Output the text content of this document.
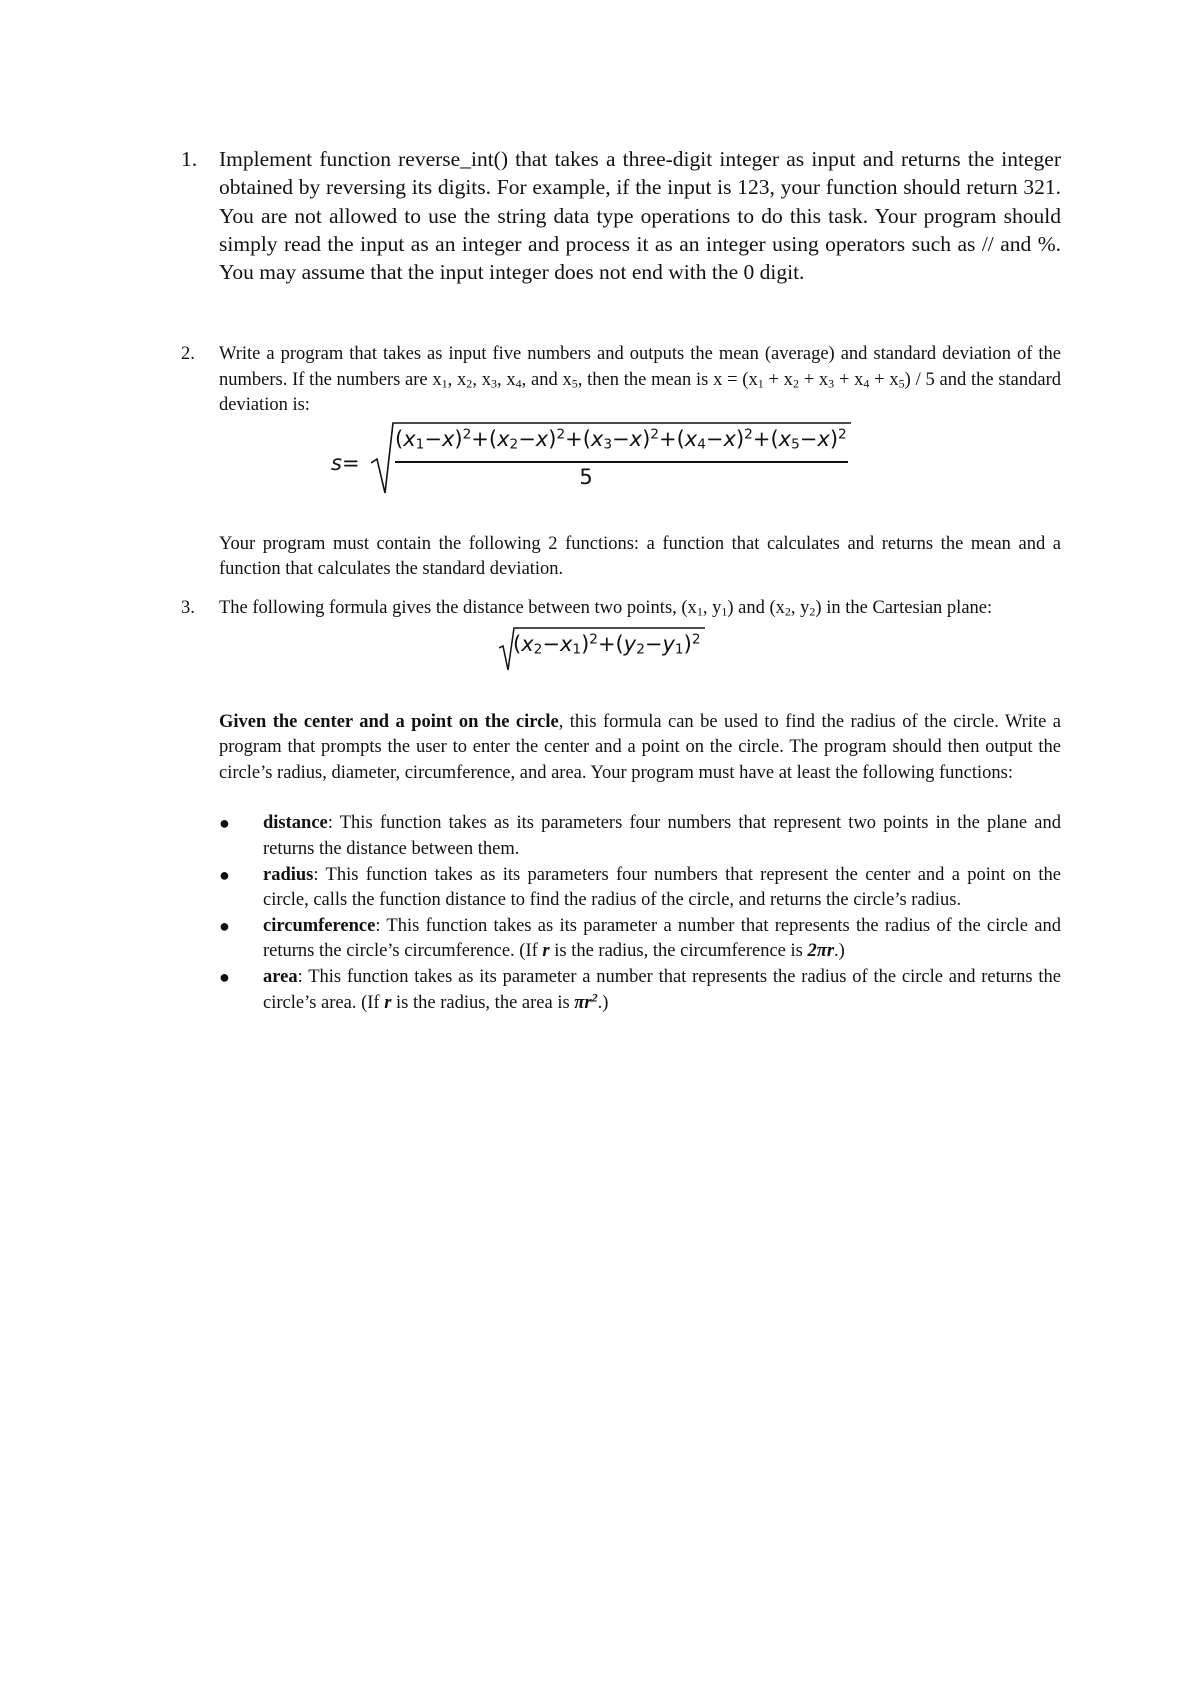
1.	Implement function reverse_int() that takes a three-digit integer as input and returns the integer obtained by reversing its digits. For example, if the input is 123, your function should return 321. You are not allowed to use the string data type operations to do this task. Your program should simply read the input as an integer and process it as an integer using operators such as // and %. You may assume that the input integer does not end with the 0 digit.

2.	Write a program that takes as input five numbers and outputs the mean (average) and standard deviation of the numbers. If the numbers are $x_1$, $x_2$, $x_3$, $x_4$, and $x_5$, then the mean is $x = (x_1 + x_2 + x_3 + x_4 + x_5) / 5$ and the standard deviation is:

s=
$(x_1-x)^2+(x_2-x)^2+(x_3-x)^2+(x_4-x)^2+(x_5-x)^2$
5

Your program must contain the following 2 functions: a function that calculates and returns the mean and a function that calculates the standard deviation.

3.	The following formula gives the distance between two points, ($x_1$, $y_1$) and ($x_2$, $y_2$) in the Cartesian plane:

$(x_2-x_1)^2+(y_2-y_1)^2$

Given the center and a point on the circle, this formula can be used to find the radius of the circle. Write a program that prompts the user to enter the center and a point on the circle. The program should then output the circle’s radius, diameter, circumference, and area. Your program must have at least the following functions:

● distance: This function takes as its parameters four numbers that represent two points in the plane and returns the distance between them.
● radius: This function takes as its parameters four numbers that represent the center and a point on the circle, calls the function distance to find the radius of the circle, and returns the circle’s radius.
● circumference: This function takes as its parameter a number that represents the radius of the circle and returns the circle’s circumference. (If r is the radius, the circumference is 2πr.)
● area: This function takes as its parameter a number that represents the radius of the circle and returns the circle’s area. (If r is the radius, the area is $\pi r^2$.)
